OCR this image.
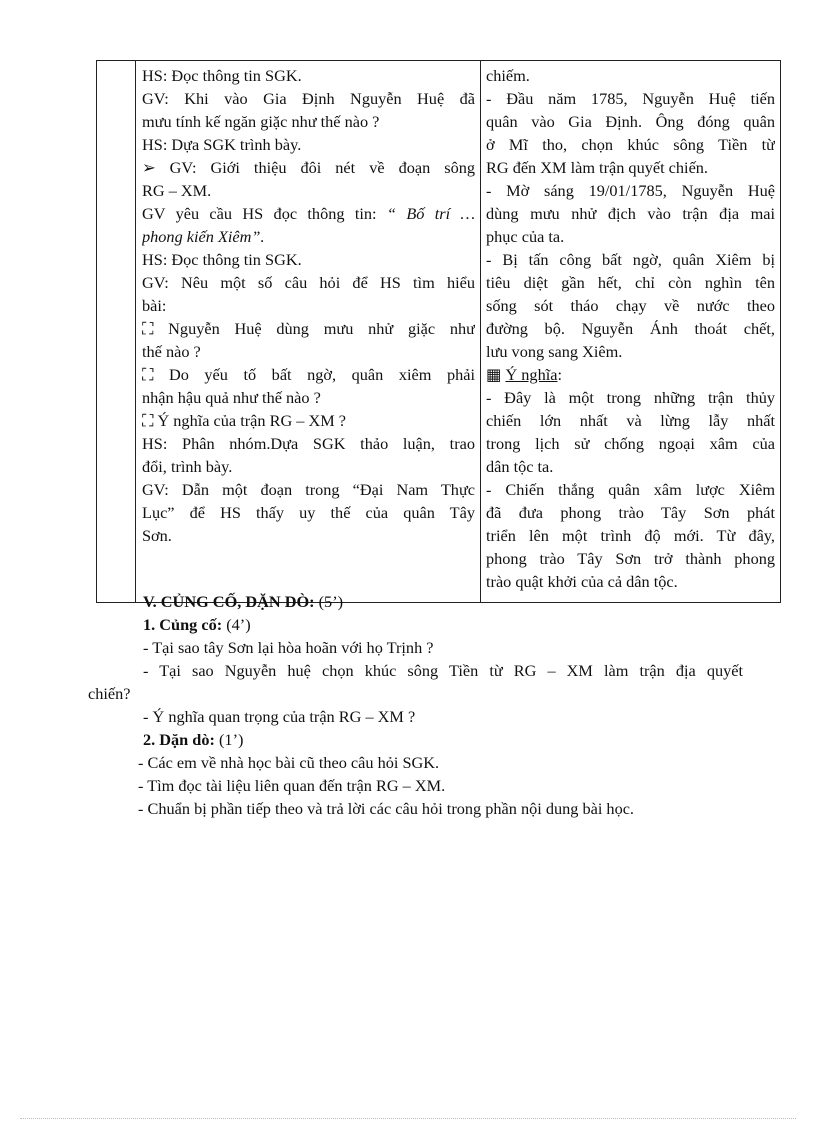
HS: Đọc thông tin SGK.
GV: Khi vào Gia Định Nguyễn Huệ đã
mưu tính kế ngăn giặc như thế nào ?
HS: Dựa SGK trình bày.
➢ GV: Giới thiệu đôi nét về đoạn sông
RG – XM.
GV yêu cầu HS đọc thông tin: “ Bố trí …
phong kiến Xiêm”.
HS: Đọc thông tin SGK.
GV: Nêu một số câu hỏi để HS tìm hiểu
bài:
⛶ Nguyễn Huệ dùng mưu nhử giặc như
thế nào ?
⛶ Do yếu tố bất ngờ, quân xiêm phải
nhận hậu quả như thế nào ?
⛶ Ý nghĩa của trận RG – XM ?
HS: Phân nhóm.Dựa SGK thảo luận, trao
đổi, trình bày.
GV: Dẫn một đoạn trong “Đại Nam Thực
Lục” để HS thấy uy thế của quân Tây
Sơn.

chiếm.
- Đầu năm 1785, Nguyễn Huệ tiến
quân vào Gia Định. Ông đóng quân
ở Mĩ tho, chọn khúc sông Tiền từ
RG đến XM làm trận quyết chiến.
- Mờ sáng 19/01/1785, Nguyễn Huệ
dùng mưu nhử địch vào trận địa mai
phục của ta.
- Bị tấn công bất ngờ, quân Xiêm bị
tiêu diệt gần hết, chỉ còn nghìn tên
sống sót tháo chạy về nước theo
đường bộ. Nguyễn Ánh thoát chết,
lưu vong sang Xiêm.
▦ Ý nghĩa:
- Đây là một trong những trận thủy
chiến lớn nhất và lừng lẫy nhất
trong lịch sử chống ngoại xâm của
dân tộc ta.
- Chiến thắng quân xâm lược Xiêm
đã đưa phong trào Tây Sơn phát
triển lên một trình độ mới. Từ đây,
phong trào Tây Sơn trở thành phong
trào quật khởi của cả dân tộc.
V. CỦNG CỐ, DẶN DÒ: (5’)
1. Củng cố: (4’)
- Tại sao tây Sơn lại hòa hoãn với họ Trịnh ?
- Tại sao Nguyễn huệ chọn khúc sông Tiền từ RG – XM làm trận địa quyết
chiến?
- Ý nghĩa quan trọng của trận RG – XM ?
2. Dặn dò: (1’)
- Các em về nhà học bài cũ theo câu hỏi SGK.
- Tìm đọc tài liệu liên quan đến trận RG – XM.
- Chuẩn bị phần tiếp theo và trả lời các câu hỏi trong phần nội dung bài học.
